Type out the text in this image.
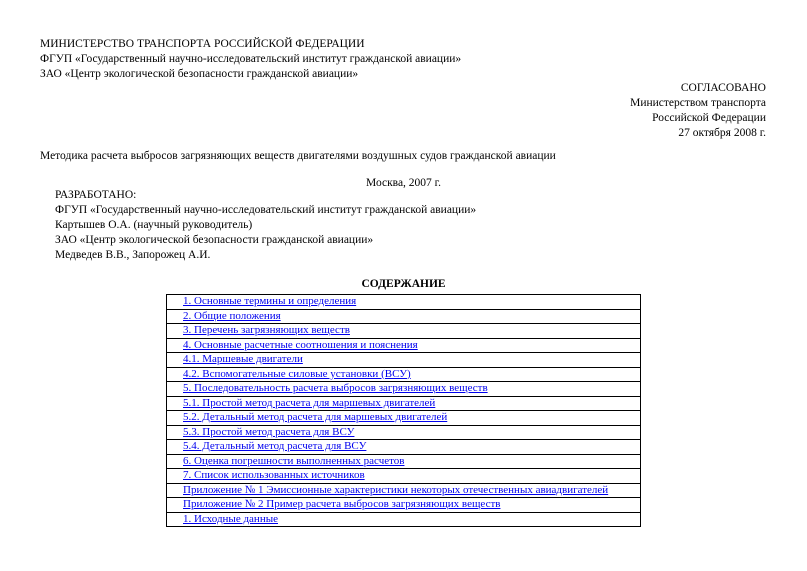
МИНИСТЕРСТВО ТРАНСПОРТА РОССИЙСКОЙ ФЕДЕРАЦИИ
ФГУП «Государственный научно-исследовательский институт гражданской авиации»
ЗАО «Центр экологической безопасности гражданской авиации»
СОГЛАСОВАНО
Министерством транспорта
Российской Федерации
27 октября 2008 г.
Методика расчета выбросов загрязняющих веществ двигателями воздушных судов гражданской авиации
Москва, 2007 г.
РАЗРАБОТАНО:
ФГУП «Государственный научно-исследовательский институт гражданской авиации»
Картышев О.А. (научный руководитель)
ЗАО «Центр экологической безопасности гражданской авиации»
Медведев В.В., Запорожец А.И.
СОДЕРЖАНИЕ
1. Основные термины и определения
2. Общие положения
3. Перечень загрязняющих веществ
4. Основные расчетные соотношения и пояснения
4.1. Маршевые двигатели
4.2. Вспомогательные силовые установки (ВСУ)
5. Последовательность расчета выбросов загрязняющих веществ
5.1. Простой метод расчета для маршевых двигателей
5.2. Детальный метод расчета для маршевых двигателей
5.3. Простой метод расчета для ВСУ
5.4. Детальный метод расчета для ВСУ
6. Оценка погрешности выполненных расчетов
7. Список использованных источников
Приложение № 1 Эмиссионные характеристики некоторых отечественных авиадвигателей
Приложение № 2 Пример расчета выбросов загрязняющих веществ
1. Исходные данные
